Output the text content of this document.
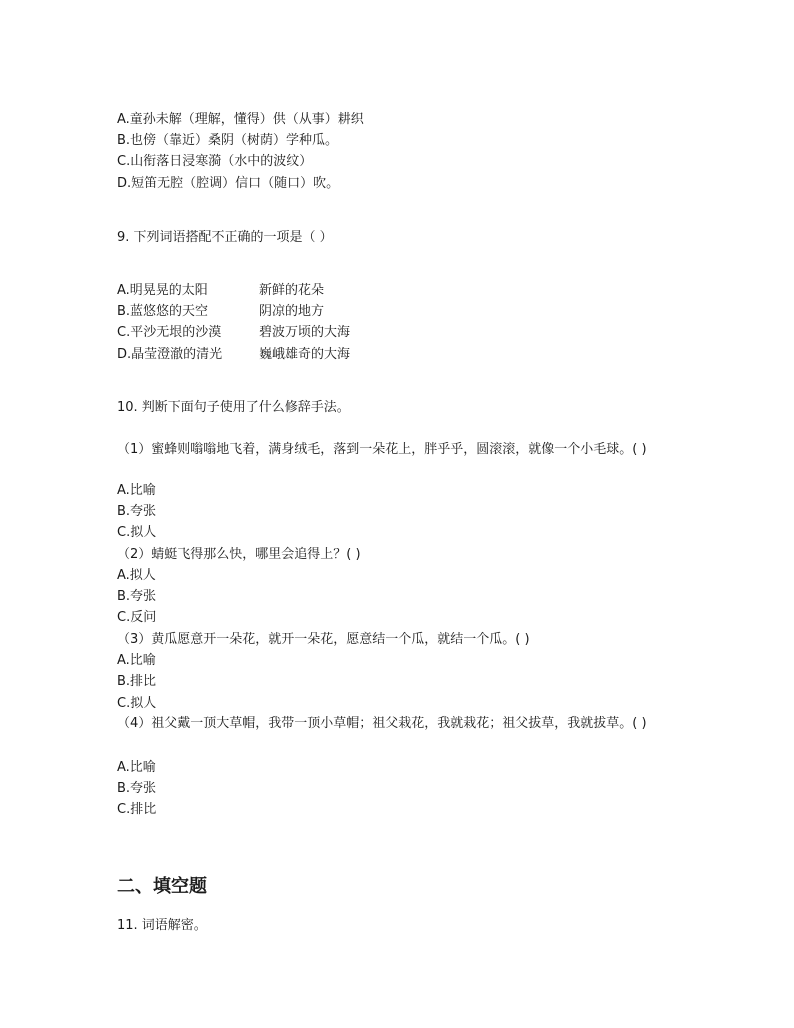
A.童孙未解（理解，懂得）供（从事）耕织
B.也傍（靠近）桑阴（树荫）学种瓜。
C.山衔落日浸寒漪（水中的波纹）
D.短笛无腔（腔调）信口（随口）吹。
9. 下列词语搭配不正确的一项是（ ）
A.明晃晃的太阳	新鲜的花朵
B.蓝悠悠的天空	阴凉的地方
C.平沙无垠的沙漠	碧波万顷的大海
D.晶莹澄澈的清光	巍峨雄奇的大海
10. 判断下面句子使用了什么修辞手法。
（1）蜜蜂则嗡嗡地飞着，满身绒毛，落到一朵花上，胖乎乎，圆滚滚，就像一个小毛球。( )
A.比喻
B.夸张
C.拟人
（2）蜻蜓飞得那么快，哪里会追得上？( )
A.拟人
B.夸张
C.反问
（3）黄瓜愿意开一朵花，就开一朵花，愿意结一个瓜，就结一个瓜。( )
A.比喻
B.排比
C.拟人
（4）祖父戴一顶大草帽，我带一顶小草帽；祖父栽花，我就栽花；祖父拔草，我就拔草。( )
A.比喻
B.夸张
C.排比
二、填空题
11. 词语解密。
